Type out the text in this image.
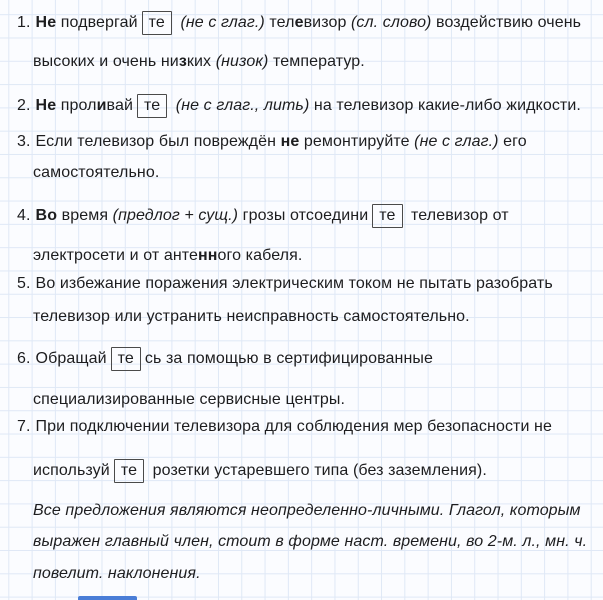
1. Не подвергай те (не с глаг.) телевизор (сл. слово) воздействию очень
высоких и очень низких (низок) температур.
2. Не проливай те (не с глаг., лить) на телевизор какие-либо жидкости.
3. Если телевизор был повреждён не ремонтируйте (не с глаг.) его
самостоятельно.
4. Во время (предлог + сущ.) грозы отсоедини те телевизор от
электросети и от антенного кабеля.
5. Во избежание поражения электрическим током не пытать разобрать
телевизор или устранить неисправность самостоятельно.
6. Обращай те сь за помощью в сертифицированные
специализированные сервисные центры.
7. При подключении телевизора для соблюдения мер безопасности не
используй те розетки устаревшего типа (без заземления).
Все предложения являются неопределенно-личными. Глагол, которым
выражен главный член, стоит в форме наст. времени, во 2-м. л., мн. ч.
повелит. наклонения.
